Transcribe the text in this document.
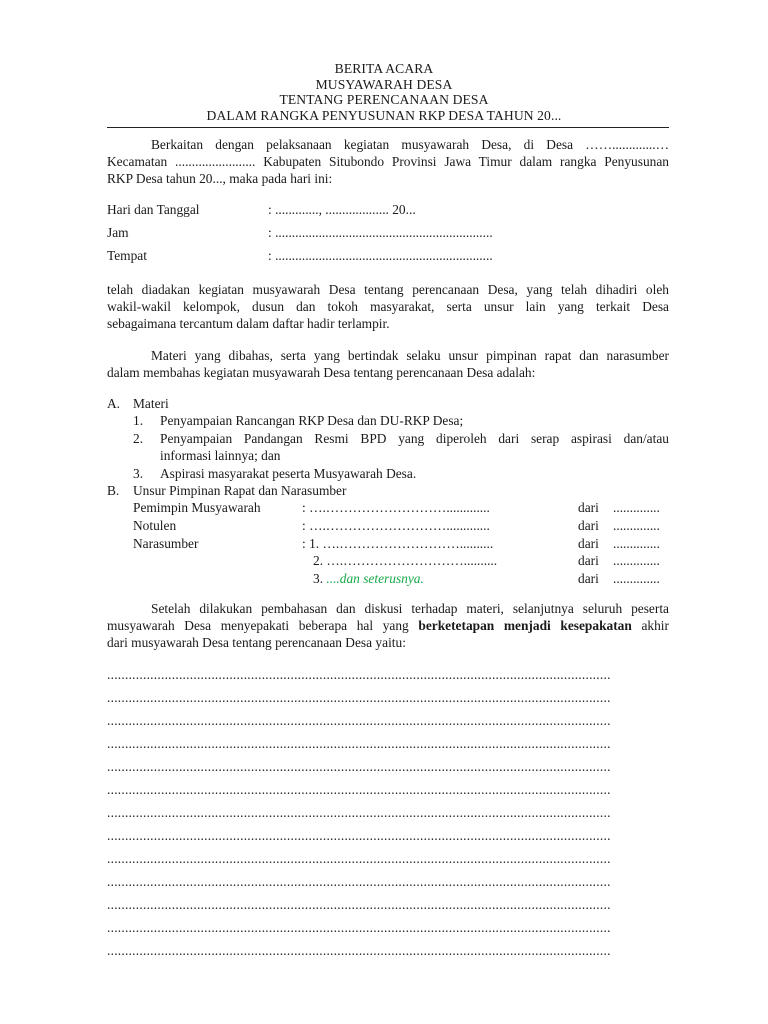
BERITA ACARA
MUSYAWARAH DESA
TENTANG PERENCANAAN DESA
DALAM RANGKA PENYUSUNAN RKP DESA TAHUN 20...
Berkaitan dengan pelaksanaan kegiatan musyawarah Desa, di Desa …….............…
Kecamatan ........................ Kabupaten Situbondo Provinsi Jawa Timur dalam rangka Penyusunan
RKP Desa tahun 20..., maka pada hari ini:
Hari dan Tanggal	: ............., ................... 20...
Jam	: .................................................................
Tempat	: .................................................................
telah diadakan kegiatan musyawarah Desa tentang perencanaan Desa, yang telah dihadiri oleh
wakil-wakil kelompok, dusun dan tokoh masyarakat, serta unsur lain yang terkait Desa
sebagaimana tercantum dalam daftar hadir terlampir.
Materi yang dibahas, serta yang bertindak selaku unsur pimpinan rapat dan narasumber
dalam membahas kegiatan musyawarah Desa tentang perencanaan Desa adalah:
A. Materi
1. Penyampaian Rancangan RKP Desa dan DU-RKP Desa;
2. Penyampaian Pandangan Resmi BPD yang diperoleh dari serap aspirasi dan/atau
informasi lainnya; dan
3. Aspirasi masyarakat peserta Musyawarah Desa.
B. Unsur Pimpinan Rapat dan Narasumber
Pemimpin Musyawarah	: ….……………………….............	dari ..............
Notulen	: ….……………………….............	dari ..............
Narasumber	: 1. ….………………………..........	dari ..............
2. ….………………………..........	dari ..............
3. ....dan seterusnya.	dari ..............
Setelah dilakukan pembahasan dan diskusi terhadap materi, selanjutnya seluruh peserta
musyawarah Desa menyepakati beberapa hal yang berketetapan menjadi kesepakatan akhir
dari musyawarah Desa tentang perencanaan Desa yaitu:
............................................................................................................................................
............................................................................................................................................
............................................................................................................................................
............................................................................................................................................
............................................................................................................................................
............................................................................................................................................
............................................................................................................................................
............................................................................................................................................
............................................................................................................................................
............................................................................................................................................
............................................................................................................................................
............................................................................................................................................
............................................................................................................................................
